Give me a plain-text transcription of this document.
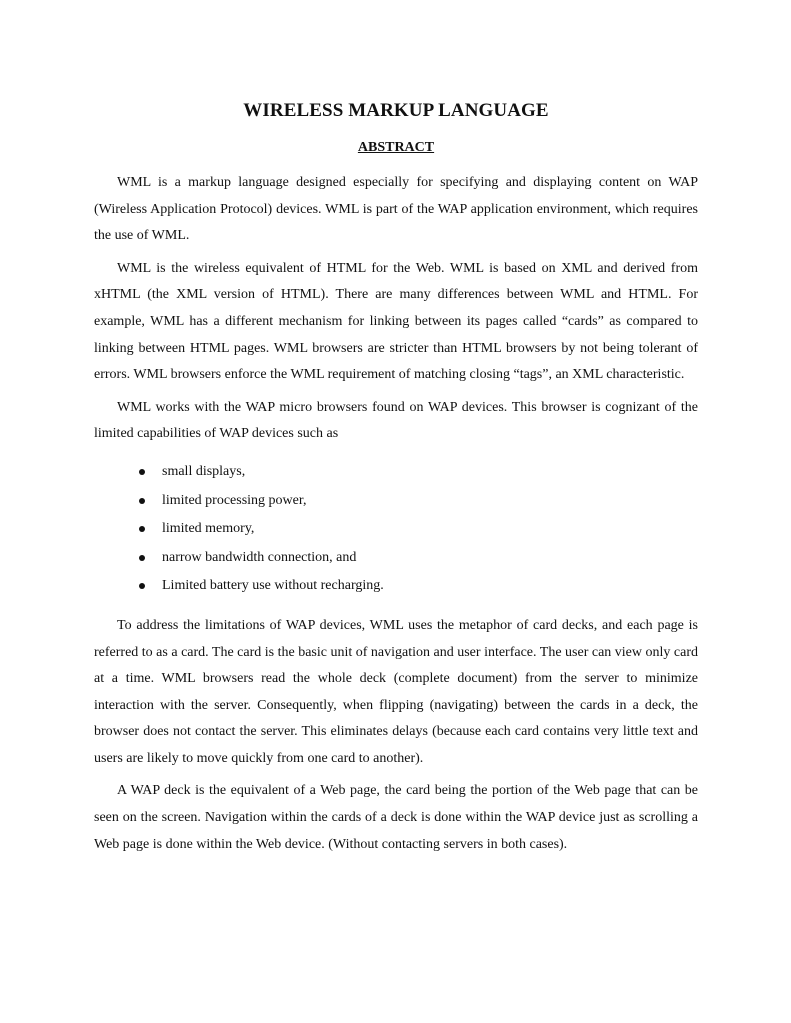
WIRELESS MARKUP LANGUAGE
ABSTRACT

WML is a markup language designed especially for specifying and displaying content on WAP (Wireless Application Protocol) devices. WML is part of the WAP application environment, which requires the use of WML.

WML is the wireless equivalent of HTML for the Web. WML is based on XML and derived from xHTML (the XML version of HTML). There are many differences between WML and HTML. For example, WML has a different mechanism for linking between its pages called “cards” as compared to linking between HTML pages. WML browsers are stricter than HTML browsers by not being tolerant of errors. WML browsers enforce the WML requirement of matching closing “tags”, an XML characteristic.

WML works with the WAP micro browsers found on WAP devices. This browser is cognizant of the limited capabilities of WAP devices such as

small displays,
limited processing power,
limited memory,
narrow bandwidth connection, and
Limited battery use without recharging.

To address the limitations of WAP devices, WML uses the metaphor of card decks, and each page is referred to as a card. The card is the basic unit of navigation and user interface. The user can view only card at a time. WML browsers read the whole deck (complete document) from the server to minimize interaction with the server. Consequently, when flipping (navigating) between the cards in a deck, the browser does not contact the server. This eliminates delays (because each card contains very little text and users are likely to move quickly from one card to another).

A WAP deck is the equivalent of a Web page, the card being the portion of the Web page that can be seen on the screen. Navigation within the cards of a deck is done within the WAP device just as scrolling a Web page is done within the Web device. (Without contacting servers in both cases).
